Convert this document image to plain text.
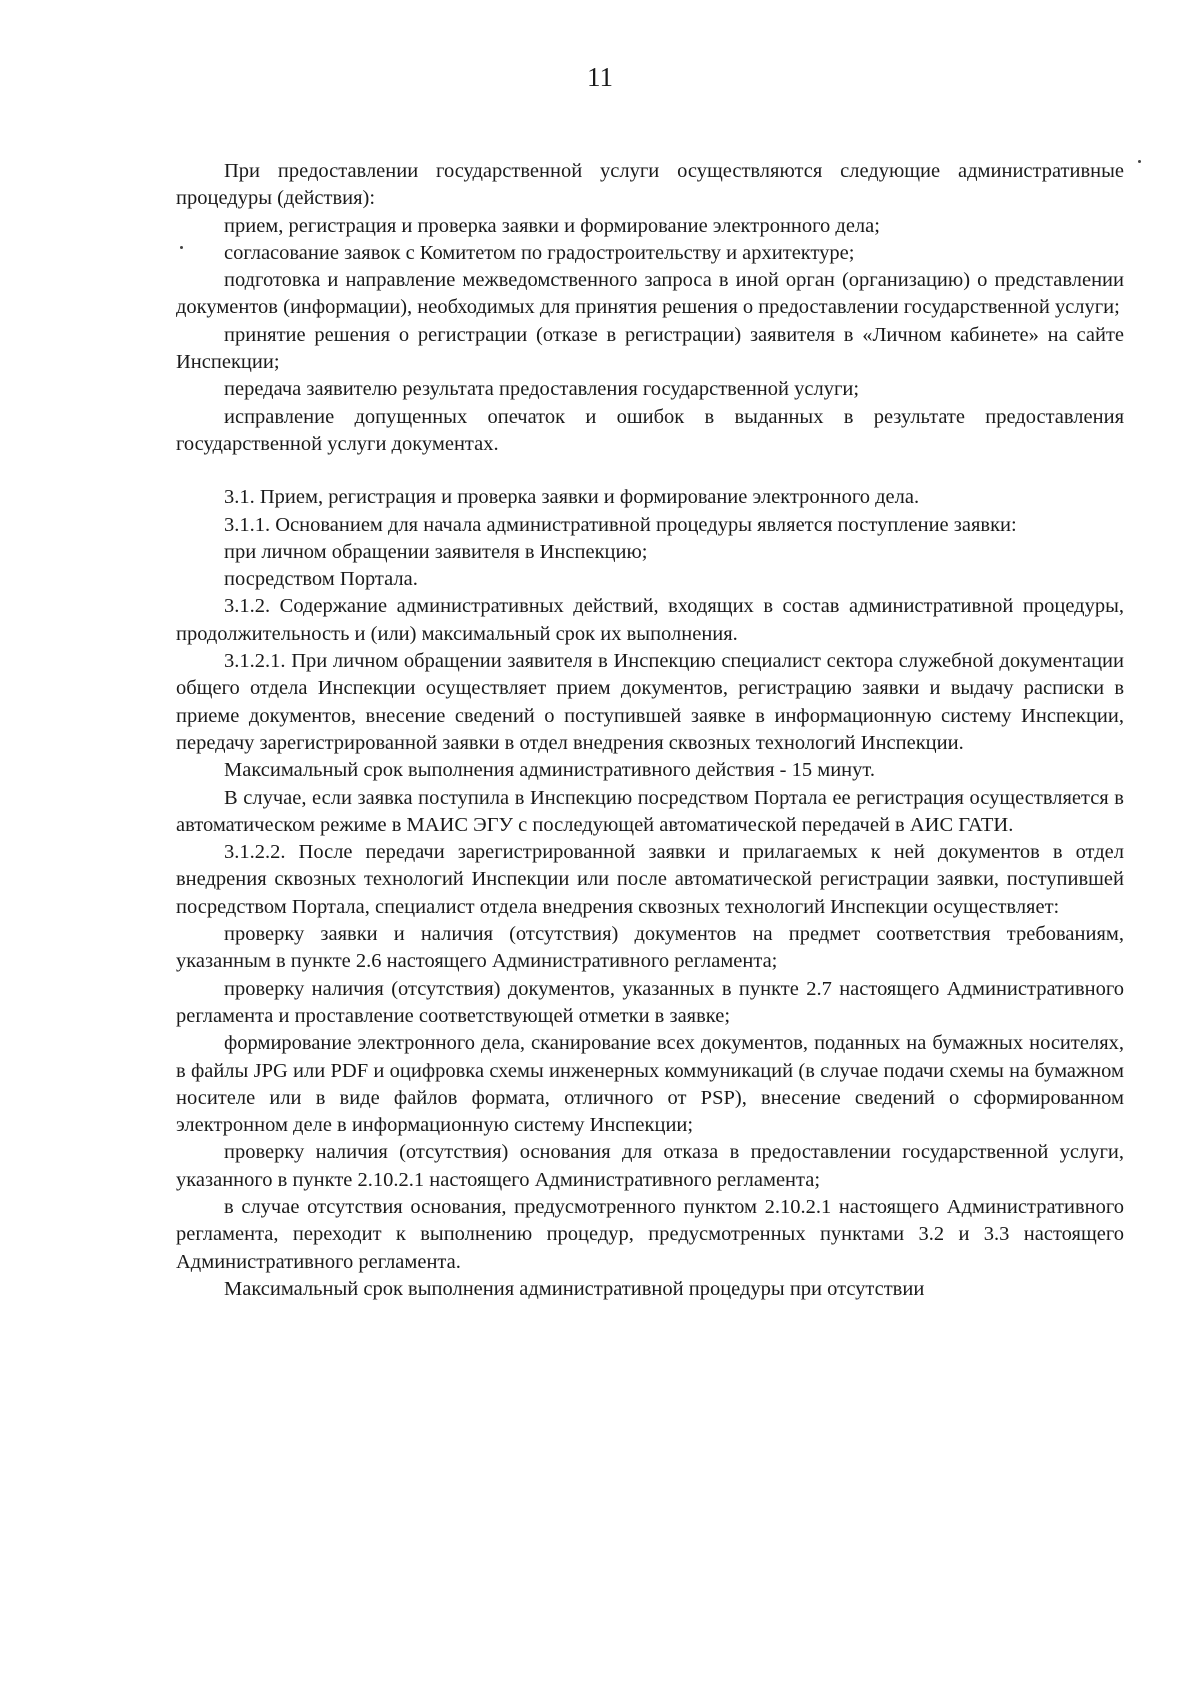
11

При предоставлении государственной услуги осуществляются следующие административные процедуры (действия):

прием, регистрация и проверка заявки и формирование электронного дела;

согласование заявок с Комитетом по градостроительству и архитектуре;

подготовка и направление межведомственного запроса в иной орган (организацию) о представлении документов (информации), необходимых для принятия решения о предоставлении государственной услуги;

принятие решения о регистрации (отказе в регистрации) заявителя в «Личном кабинете» на сайте Инспекции;

передача заявителю результата предоставления государственной услуги;

исправление допущенных опечаток и ошибок в выданных в результате предоставления государственной услуги документах.

3.1. Прием, регистрация и проверка заявки и формирование электронного дела.

3.1.1. Основанием для начала административной процедуры является поступление заявки:

при личном обращении заявителя в Инспекцию;

посредством Портала.

3.1.2. Содержание административных действий, входящих в состав административной процедуры, продолжительность и (или) максимальный срок их выполнения.

3.1.2.1. При личном обращении заявителя в Инспекцию специалист сектора служебной документации общего отдела Инспекции осуществляет прием документов, регистрацию заявки и выдачу расписки в приеме документов, внесение сведений о поступившей заявке в информационную систему Инспекции, передачу зарегистрированной заявки в отдел внедрения сквозных технологий Инспекции.

Максимальный срок выполнения административного действия - 15 минут.

В случае, если заявка поступила в Инспекцию посредством Портала ее регистрация осуществляется в автоматическом режиме в МАИС ЭГУ с последующей автоматической передачей в АИС ГАТИ.

3.1.2.2. После передачи зарегистрированной заявки и прилагаемых к ней документов в отдел внедрения сквозных технологий Инспекции или после автоматической регистрации заявки, поступившей посредством Портала, специалист отдела внедрения сквозных технологий Инспекции осуществляет:

проверку заявки и наличия (отсутствия) документов на предмет соответствия требованиям, указанным в пункте 2.6 настоящего Административного регламента;

проверку наличия (отсутствия) документов, указанных в пункте 2.7 настоящего Административного регламента и проставление соответствующей отметки в заявке;

формирование электронного дела, сканирование всех документов, поданных на бумажных носителях, в файлы JPG или PDF и оцифровка схемы инженерных коммуникаций (в случае подачи схемы на бумажном носителе или в виде файлов формата, отличного от PSP), внесение сведений о сформированном электронном деле в информационную систему Инспекции;

проверку наличия (отсутствия) основания для отказа в предоставлении государственной услуги, указанного в пункте 2.10.2.1 настоящего Административного регламента;

в случае отсутствия основания, предусмотренного пунктом 2.10.2.1 настоящего Административного регламента, переходит к выполнению процедур, предусмотренных пунктами 3.2 и 3.3 настоящего Административного регламента.

Максимальный срок выполнения административной процедуры при отсутствии
